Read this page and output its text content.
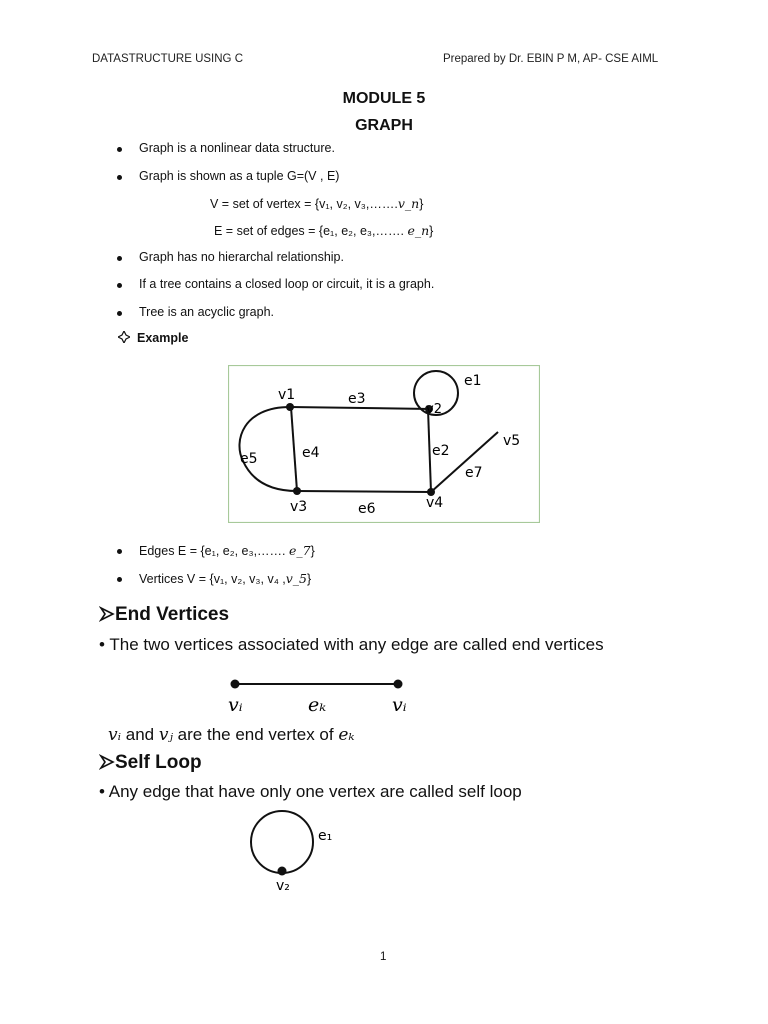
DATASTRUCTURE USING C	Prepared by Dr. EBIN P M, AP- CSE AIML
MODULE 5
GRAPH
Graph is a nonlinear data structure.
Graph is shown as a tuple G=(V , E)
V = set of vertex = {v₁, v₂, v₃,…….v_n}
E = set of edges = {e₁, e₂, e₃,……. e_n}
Graph has no hierarchal relationship.
If a tree contains a closed loop or circuit, it is a graph.
Tree is an acyclic graph.
Example
v1	e3
e1
v2
v5
e5	e4	e2
e7
v3	e6	v4
Edges E = {e₁, e₂, e₃,……. e_7}
Vertices V = {v₁, v₂, v₃, v₄ ,v_5}
End Vertices
• The two vertices associated with any edge are called end vertices
vᵢ	eₖ	vᵢ
vᵢ and vⱼ are the end vertex of eₖ
Self Loop
• Any edge that have only one vertex are called self loop
e₁
v₂
1
